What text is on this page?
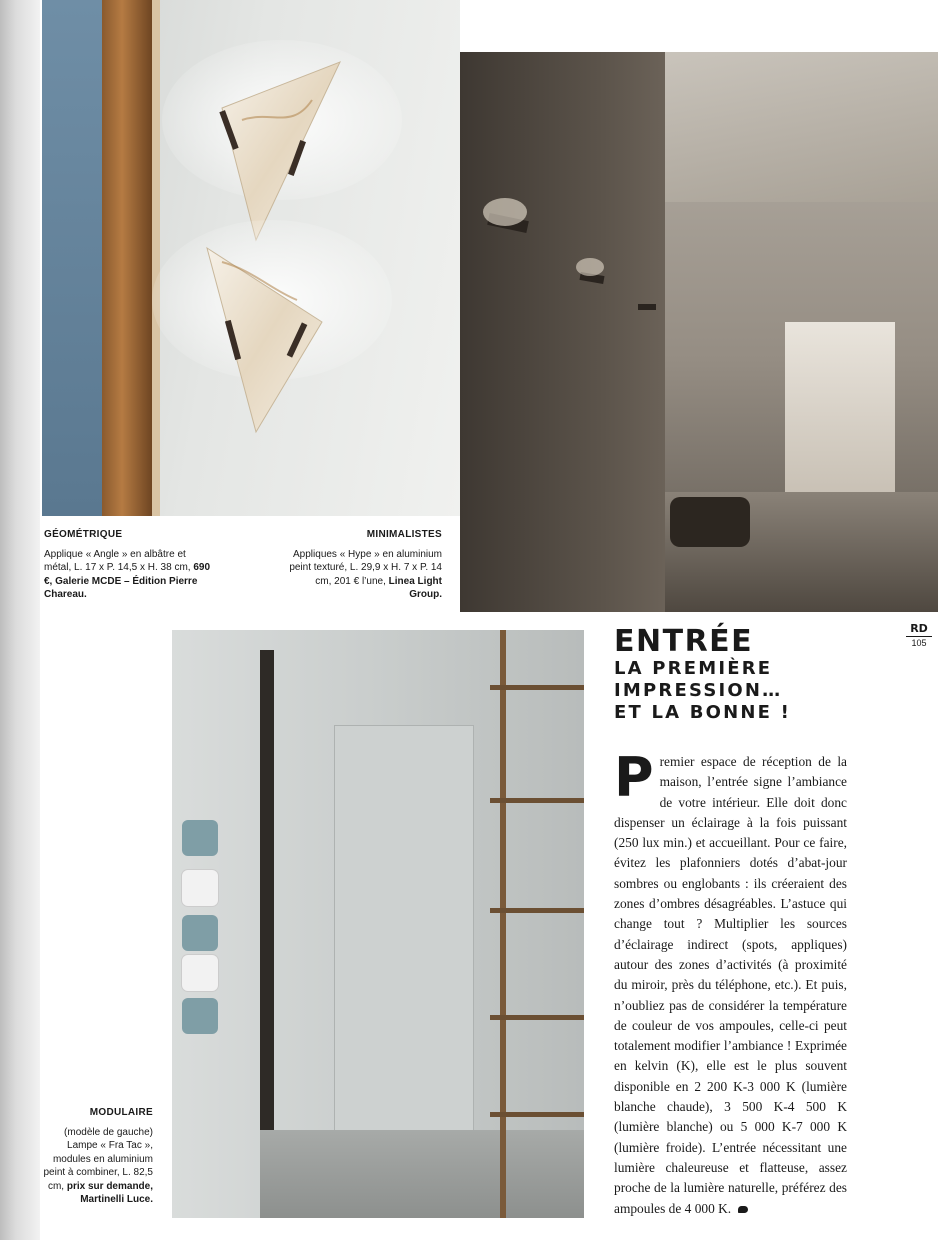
GÉOMÉTRIQUE
Applique « Angle » en albâtre et métal, L. 17 x P. 14,5 x H. 38 cm, 690 €, Galerie MCDE – Édition Pierre Chareau.
MINIMALISTES
Appliques « Hype » en aluminium peint texturé, L. 29,9 x H. 7 x P. 14 cm, 201 € l’une, Linea Light Group.
MODULAIRE
(modèle de gauche) Lampe « Fra Tac », modules en aluminium peint à combiner, L. 82,5 cm, prix sur demande, Martinelli Luce.
RD
105
ENTRÉE
LA PREMIÈRE
IMPRESSION…
ET LA BONNE !
P remier espace de réception de la maison, l’entrée signe l’ambiance de votre intérieur. Elle doit donc dispenser un éclairage à la fois puissant (250 lux min.) et accueillant. Pour ce faire, évitez les plafonniers dotés d’abat-jour sombres ou englobants : ils créeraient des zones d’ombres désagréables. L’astuce qui change tout ? Multiplier les sources d’éclairage indirect (spots, appliques) autour des zones d’activités (à proximité du miroir, près du téléphone, etc.). Et puis, n’oubliez pas de considérer la température de couleur de vos ampoules, celle-ci peut totalement modifier l’ambiance ! Exprimée en kelvin (K), elle est le plus souvent disponible en 2 200 K-3 000 K (lumière blanche chaude), 3 500 K-4 500 K (lumière blanche) ou 5 000 K-7 000 K (lumière froide). L’entrée nécessitant une lumière chaleureuse et flatteuse, assez proche de la lumière naturelle, préférez des ampoules de 4 000 K.
